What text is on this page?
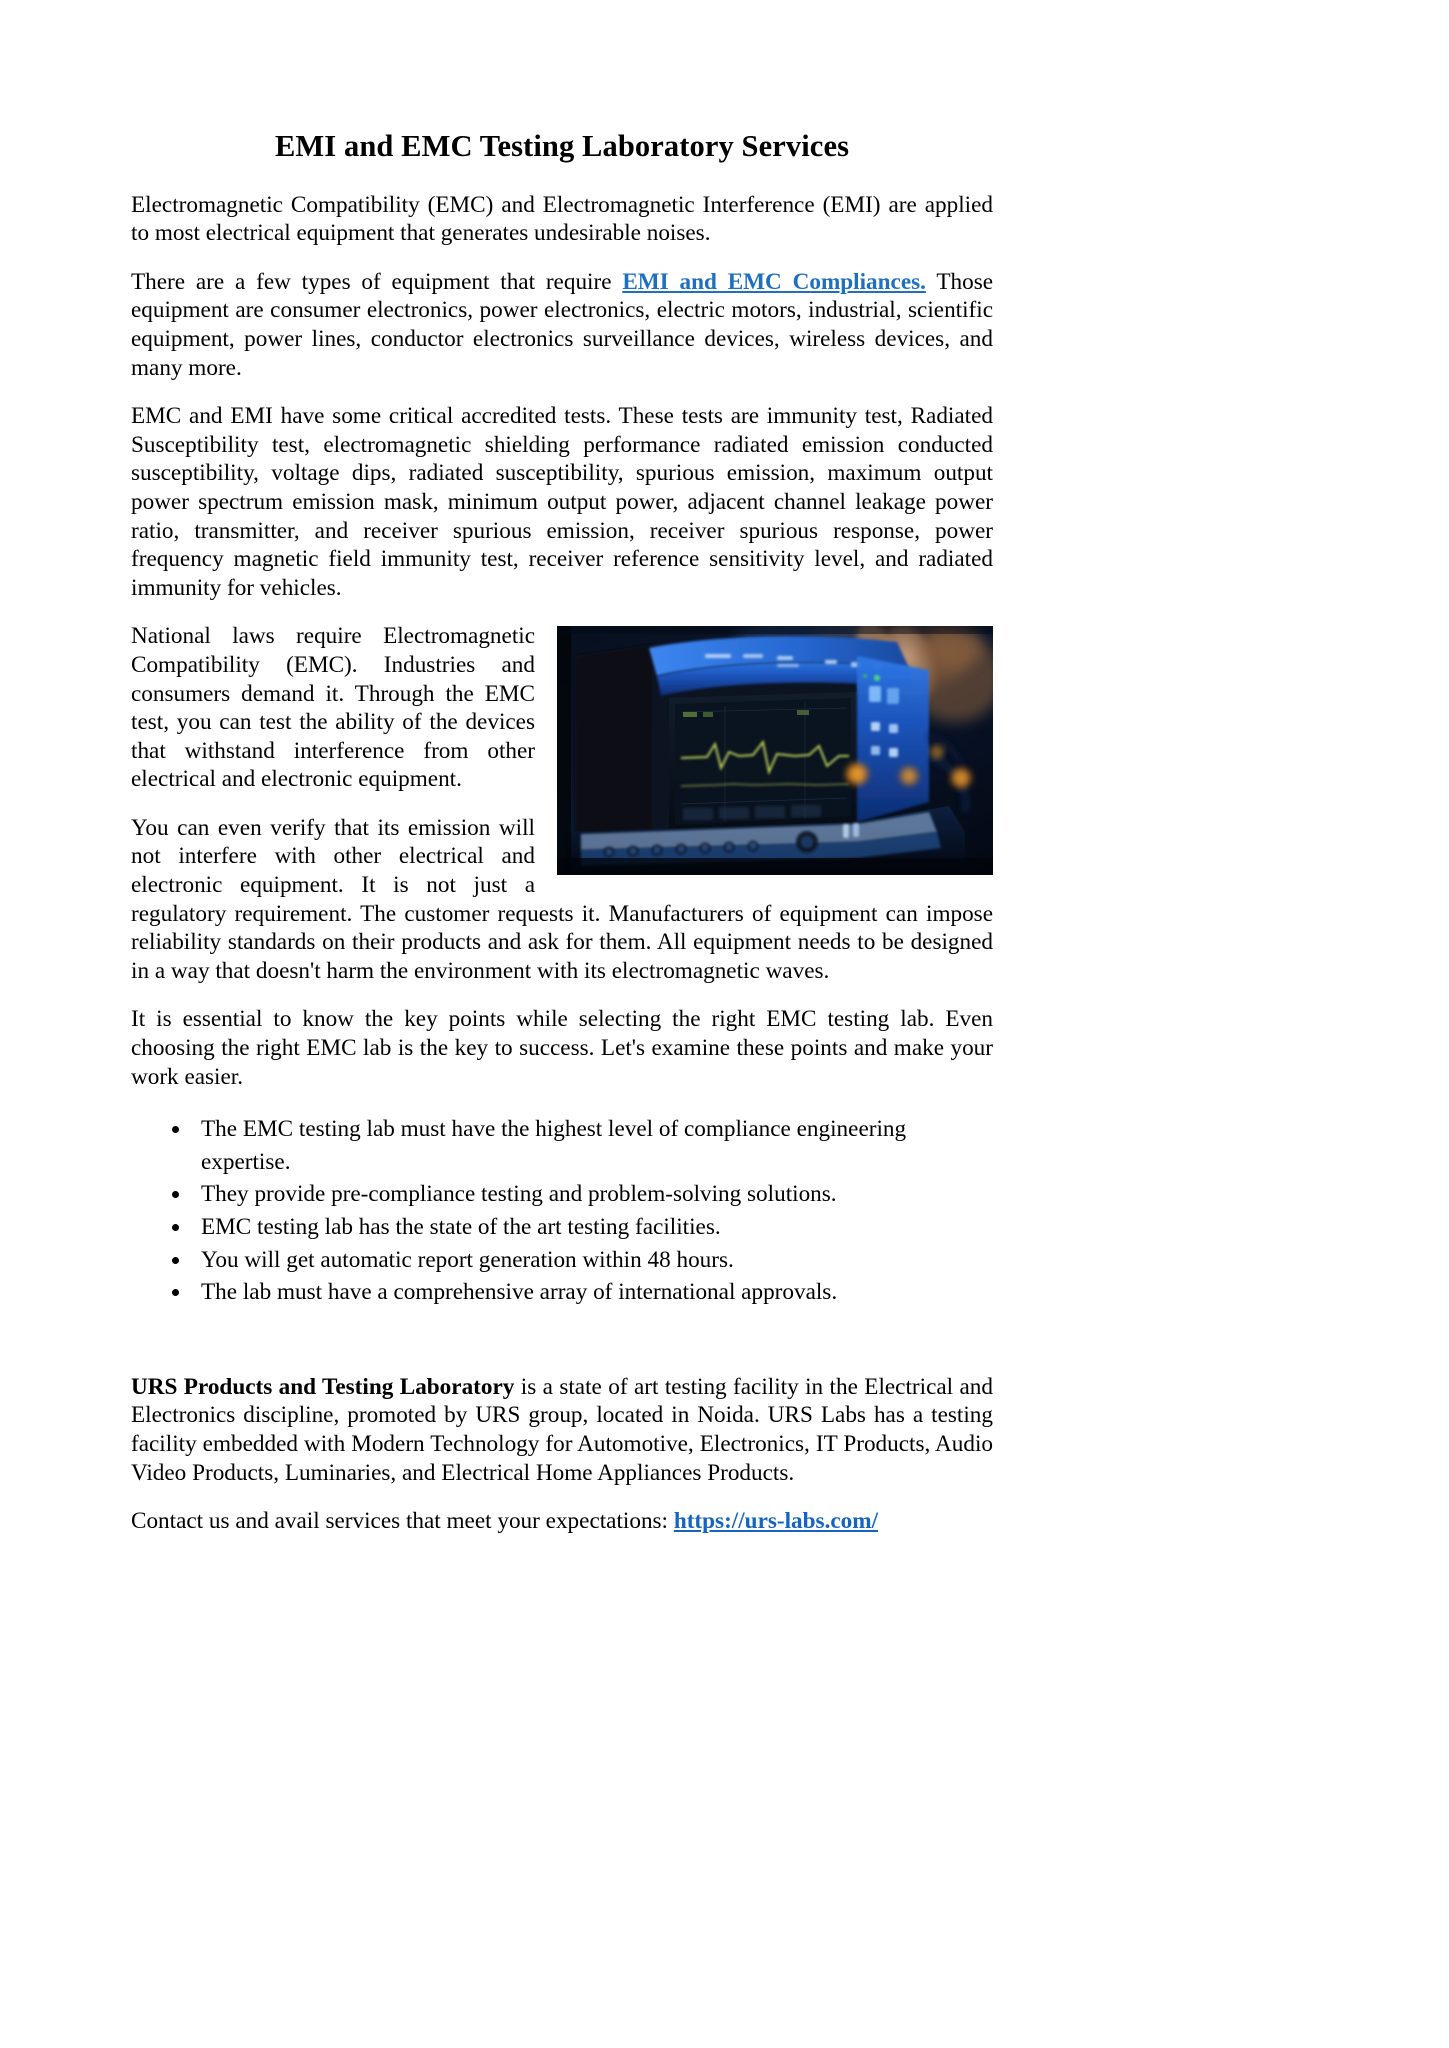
EMI and EMC Testing Laboratory Services

Electromagnetic Compatibility (EMC) and Electromagnetic Interference (EMI) are applied to most electrical equipment that generates undesirable noises.

There are a few types of equipment that require EMI and EMC Compliances. Those equipment are consumer electronics, power electronics, electric motors, industrial, scientific equipment, power lines, conductor electronics surveillance devices, wireless devices, and many more.

EMC and EMI have some critical accredited tests. These tests are immunity test, Radiated Susceptibility test, electromagnetic shielding performance radiated emission conducted susceptibility, voltage dips, radiated susceptibility, spurious emission, maximum output power spectrum emission mask, minimum output power, adjacent channel leakage power ratio, transmitter, and receiver spurious emission, receiver spurious response, power frequency magnetic field immunity test, receiver reference sensitivity level, and radiated immunity for vehicles.

National laws require Electromagnetic Compatibility (EMC). Industries and consumers demand it. Through the EMC test, you can test the ability of the devices that withstand interference from other electrical and electronic equipment.

You can even verify that its emission will not interfere with other electrical and electronic equipment. It is not just a regulatory requirement. The customer requests it. Manufacturers of equipment can impose reliability standards on their products and ask for them. All equipment needs to be designed in a way that doesn't harm the environment with its electromagnetic waves.

It is essential to know the key points while selecting the right EMC testing lab. Even choosing the right EMC lab is the key to success. Let's examine these points and make your work easier.

The EMC testing lab must have the highest level of compliance engineering expertise.
They provide pre-compliance testing and problem-solving solutions.
EMC testing lab has the state of the art testing facilities.
You will get automatic report generation within 48 hours.
The lab must have a comprehensive array of international approvals.

URS Products and Testing Laboratory is a state of art testing facility in the Electrical and Electronics discipline, promoted by URS group, located in Noida. URS Labs has a testing facility embedded with Modern Technology for Automotive, Electronics, IT Products, Audio Video Products, Luminaries, and Electrical Home Appliances Products.

Contact us and avail services that meet your expectations: https://urs-labs.com/
